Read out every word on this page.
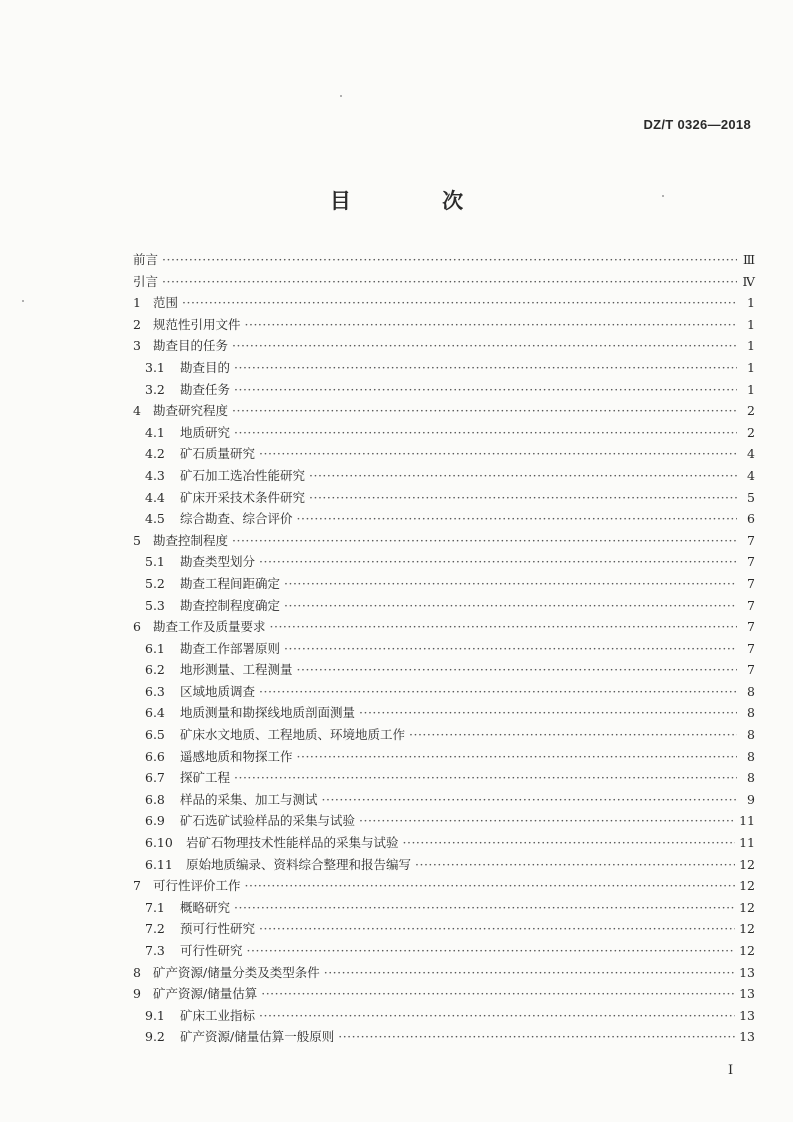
DZ/T 0326—2018
目 次
前言 ·····	Ⅲ
引言 ·····	Ⅳ
1 范围 ·····	1
2 规范性引用文件 ·····	1
3 勘查目的任务 ·····	1
3.1	勘查目的 ·····	1
3.2	勘查任务 ·····	1
4 勘查研究程度 ·····	2
4.1	地质研究 ·····	2
4.2	矿石质量研究 ·····	4
4.3	矿石加工选冶性能研究 ·····	4
4.4	矿床开采技术条件研究 ·····	5
4.5	综合勘查、综合评价 ·····	6
5 勘查控制程度 ·····	7
5.1	勘查类型划分 ·····	7
5.2	勘查工程间距确定 ·····	7
5.3	勘查控制程度确定 ·····	7
6 勘查工作及质量要求 ·····	7
6.1	勘查工作部署原则 ·····	7
6.2	地形测量、工程测量 ·····	7
6.3	区域地质调查 ·····	8
6.4	地质测量和勘探线地质剖面测量 ·····	8
6.5	矿床水文地质、工程地质、环境地质工作 ·····	8
6.6	遥感地质和物探工作 ·····	8
6.7	探矿工程 ·····	8
6.8	样品的采集、加工与测试 ·····	9
6.9	矿石选矿试验样品的采集与试验 ·····	11
6.10	岩矿石物理技术性能样品的采集与试验 ·····	11
6.11	原始地质编录、资料综合整理和报告编写 ·····	12
7 可行性评价工作 ·····	12
7.1	概略研究 ·····	12
7.2	预可行性研究 ·····	12
7.3	可行性研究 ·····	12
8 矿产资源/储量分类及类型条件 ·····	13
9 矿产资源/储量估算 ·····	13
9.1	矿床工业指标 ·····	13
9.2	矿产资源/储量估算一般原则 ·····	13
I
